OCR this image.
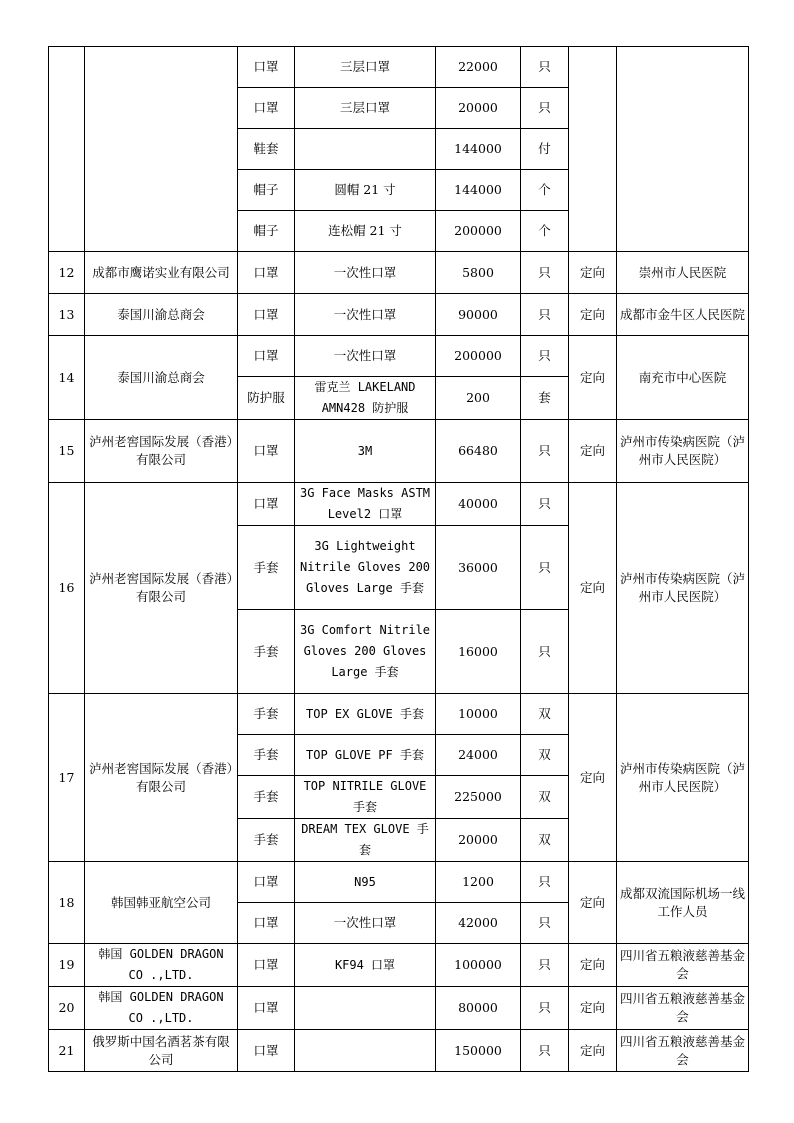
		口罩	三层口罩	22000	只		
		口罩	三层口罩	20000	只		
		鞋套		144000	付		
		帽子	圆帽 21 寸	144000	个		
		帽子	连松帽 21 寸	200000	个		
12	成都市鹰诺实业有限公司	口罩	一次性口罩	5800	只	定向	崇州市人民医院
13	泰国川渝总商会	口罩	一次性口罩	90000	只	定向	成都市金牛区人民医院
14	泰国川渝总商会	口罩	一次性口罩	200000	只	定向	南充市中心医院
		防护服	雷克兰 LAKELAND AMN428 防护服	200	套		
15	泸州老窖国际发展（香港）有限公司	口罩	3M	66480	只	定向	泸州市传染病医院（泸州市人民医院）
16	泸州老窖国际发展（香港）有限公司	口罩	3G Face Masks ASTM Level2 口罩	40000	只	定向	泸州市传染病医院（泸州市人民医院）
		手套	3G Lightweight Nitrile Gloves 200 Gloves Large 手套	36000	只		
		手套	3G Comfort Nitrile Gloves 200 Gloves Large 手套	16000	只		
17	泸州老窖国际发展（香港）有限公司	手套	TOP EX GLOVE 手套	10000	双	定向	泸州市传染病医院（泸州市人民医院）
		手套	TOP GLOVE PF 手套	24000	双		
		手套	TOP NITRILE GLOVE 手套	225000	双		
		手套	DREAM TEX GLOVE 手套	20000	双		
18	韩国韩亚航空公司	口罩	N95	1200	只	定向	成都双流国际机场一线工作人员
		口罩	一次性口罩	42000	只		
19	韩国 GOLDEN DRAGON CO .,LTD.	口罩	KF94 口罩	100000	只	定向	四川省五粮液慈善基金会
20	韩国 GOLDEN DRAGON CO .,LTD.	口罩		80000	只	定向	四川省五粮液慈善基金会
21	俄罗斯中国名酒茗茶有限公司	口罩		150000	只	定向	四川省五粮液慈善基金会
